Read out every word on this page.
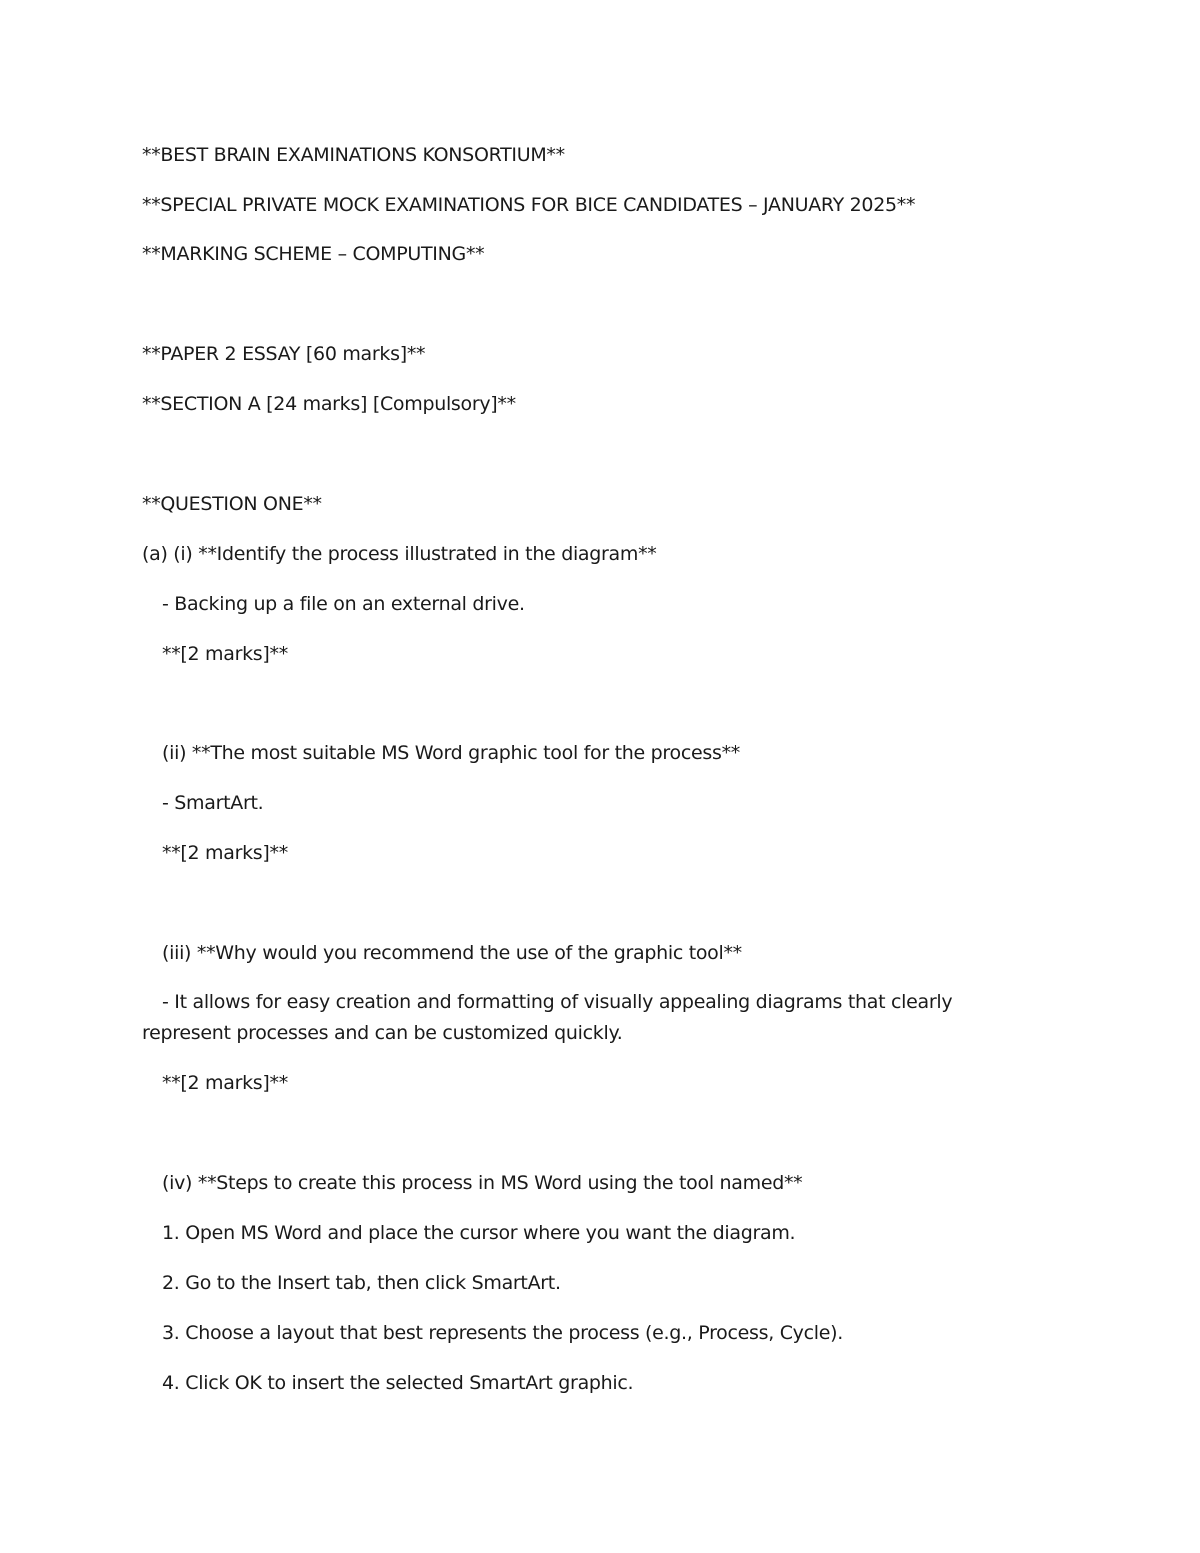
**BEST BRAIN EXAMINATIONS KONSORTIUM**
**SPECIAL PRIVATE MOCK EXAMINATIONS FOR BICE CANDIDATES – JANUARY 2025**
**MARKING SCHEME – COMPUTING**
**PAPER 2 ESSAY [60 marks]**
**SECTION A [24 marks] [Compulsory]**
**QUESTION ONE**
(a) (i) **Identify the process illustrated in the diagram**
- Backing up a file on an external drive.
**[2 marks]**
(ii) **The most suitable MS Word graphic tool for the process**
- SmartArt.
**[2 marks]**
(iii) **Why would you recommend the use of the graphic tool**
- It allows for easy creation and formatting of visually appealing diagrams that clearly represent processes and can be customized quickly.
**[2 marks]**
(iv) **Steps to create this process in MS Word using the tool named**
1. Open MS Word and place the cursor where you want the diagram.
2. Go to the Insert tab, then click SmartArt.
3. Choose a layout that best represents the process (e.g., Process, Cycle).
4. Click OK to insert the selected SmartArt graphic.
